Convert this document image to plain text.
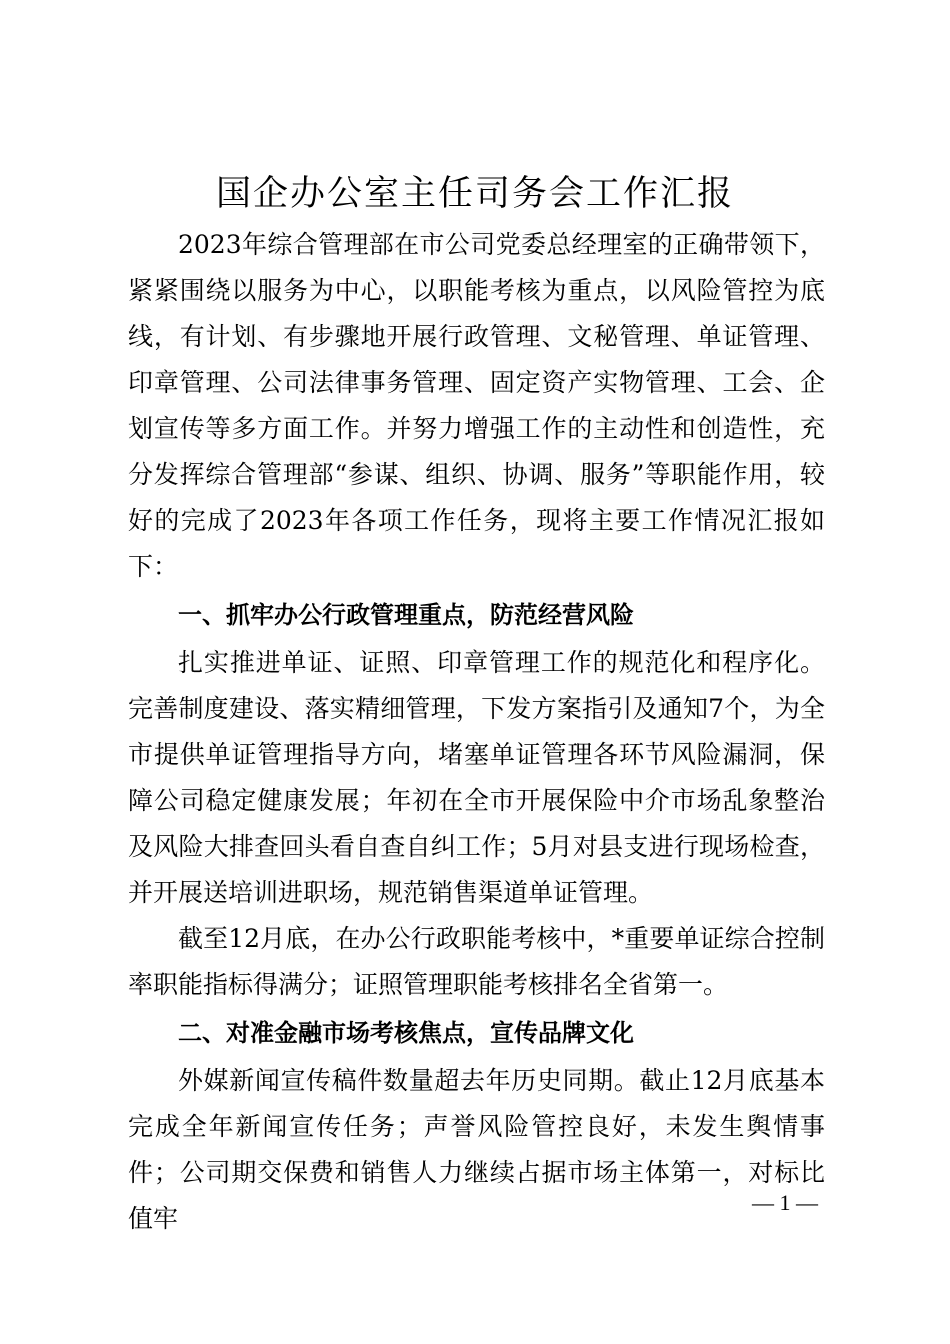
国企办公室主任司务会工作汇报

2023年综合管理部在市公司党委总经理室的正确带领下，紧紧围绕以服务为中心，以职能考核为重点，以风险管控为底线，有计划、有步骤地开展行政管理、文秘管理、单证管理、印章管理、公司法律事务管理、固定资产实物管理、工会、企划宣传等多方面工作。并努力增强工作的主动性和创造性，充分发挥综合管理部“参谋、组织、协调、服务”等职能作用，较好的完成了2023年各项工作任务，现将主要工作情况汇报如下：

一、抓牢办公行政管理重点，防范经营风险

扎实推进单证、证照、印章管理工作的规范化和程序化。完善制度建设、落实精细管理，下发方案指引及通知7个，为全市提供单证管理指导方向，堵塞单证管理各环节风险漏洞，保障公司稳定健康发展；年初在全市开展保险中介市场乱象整治及风险大排查回头看自查自纠工作；5月对县支进行现场检查，并开展送培训进职场，规范销售渠道单证管理。

截至12月底，在办公行政职能考核中，*重要单证综合控制率职能指标得满分；证照管理职能考核排名全省第一。

二、对准金融市场考核焦点，宣传品牌文化

外媒新闻宣传稿件数量超去年历史同期。截止12月底基本完成全年新闻宣传任务；声誉风险管控良好，未发生舆情事件；公司期交保费和销售人力继续占据市场主体第一，对标比值牢

— 1 —
